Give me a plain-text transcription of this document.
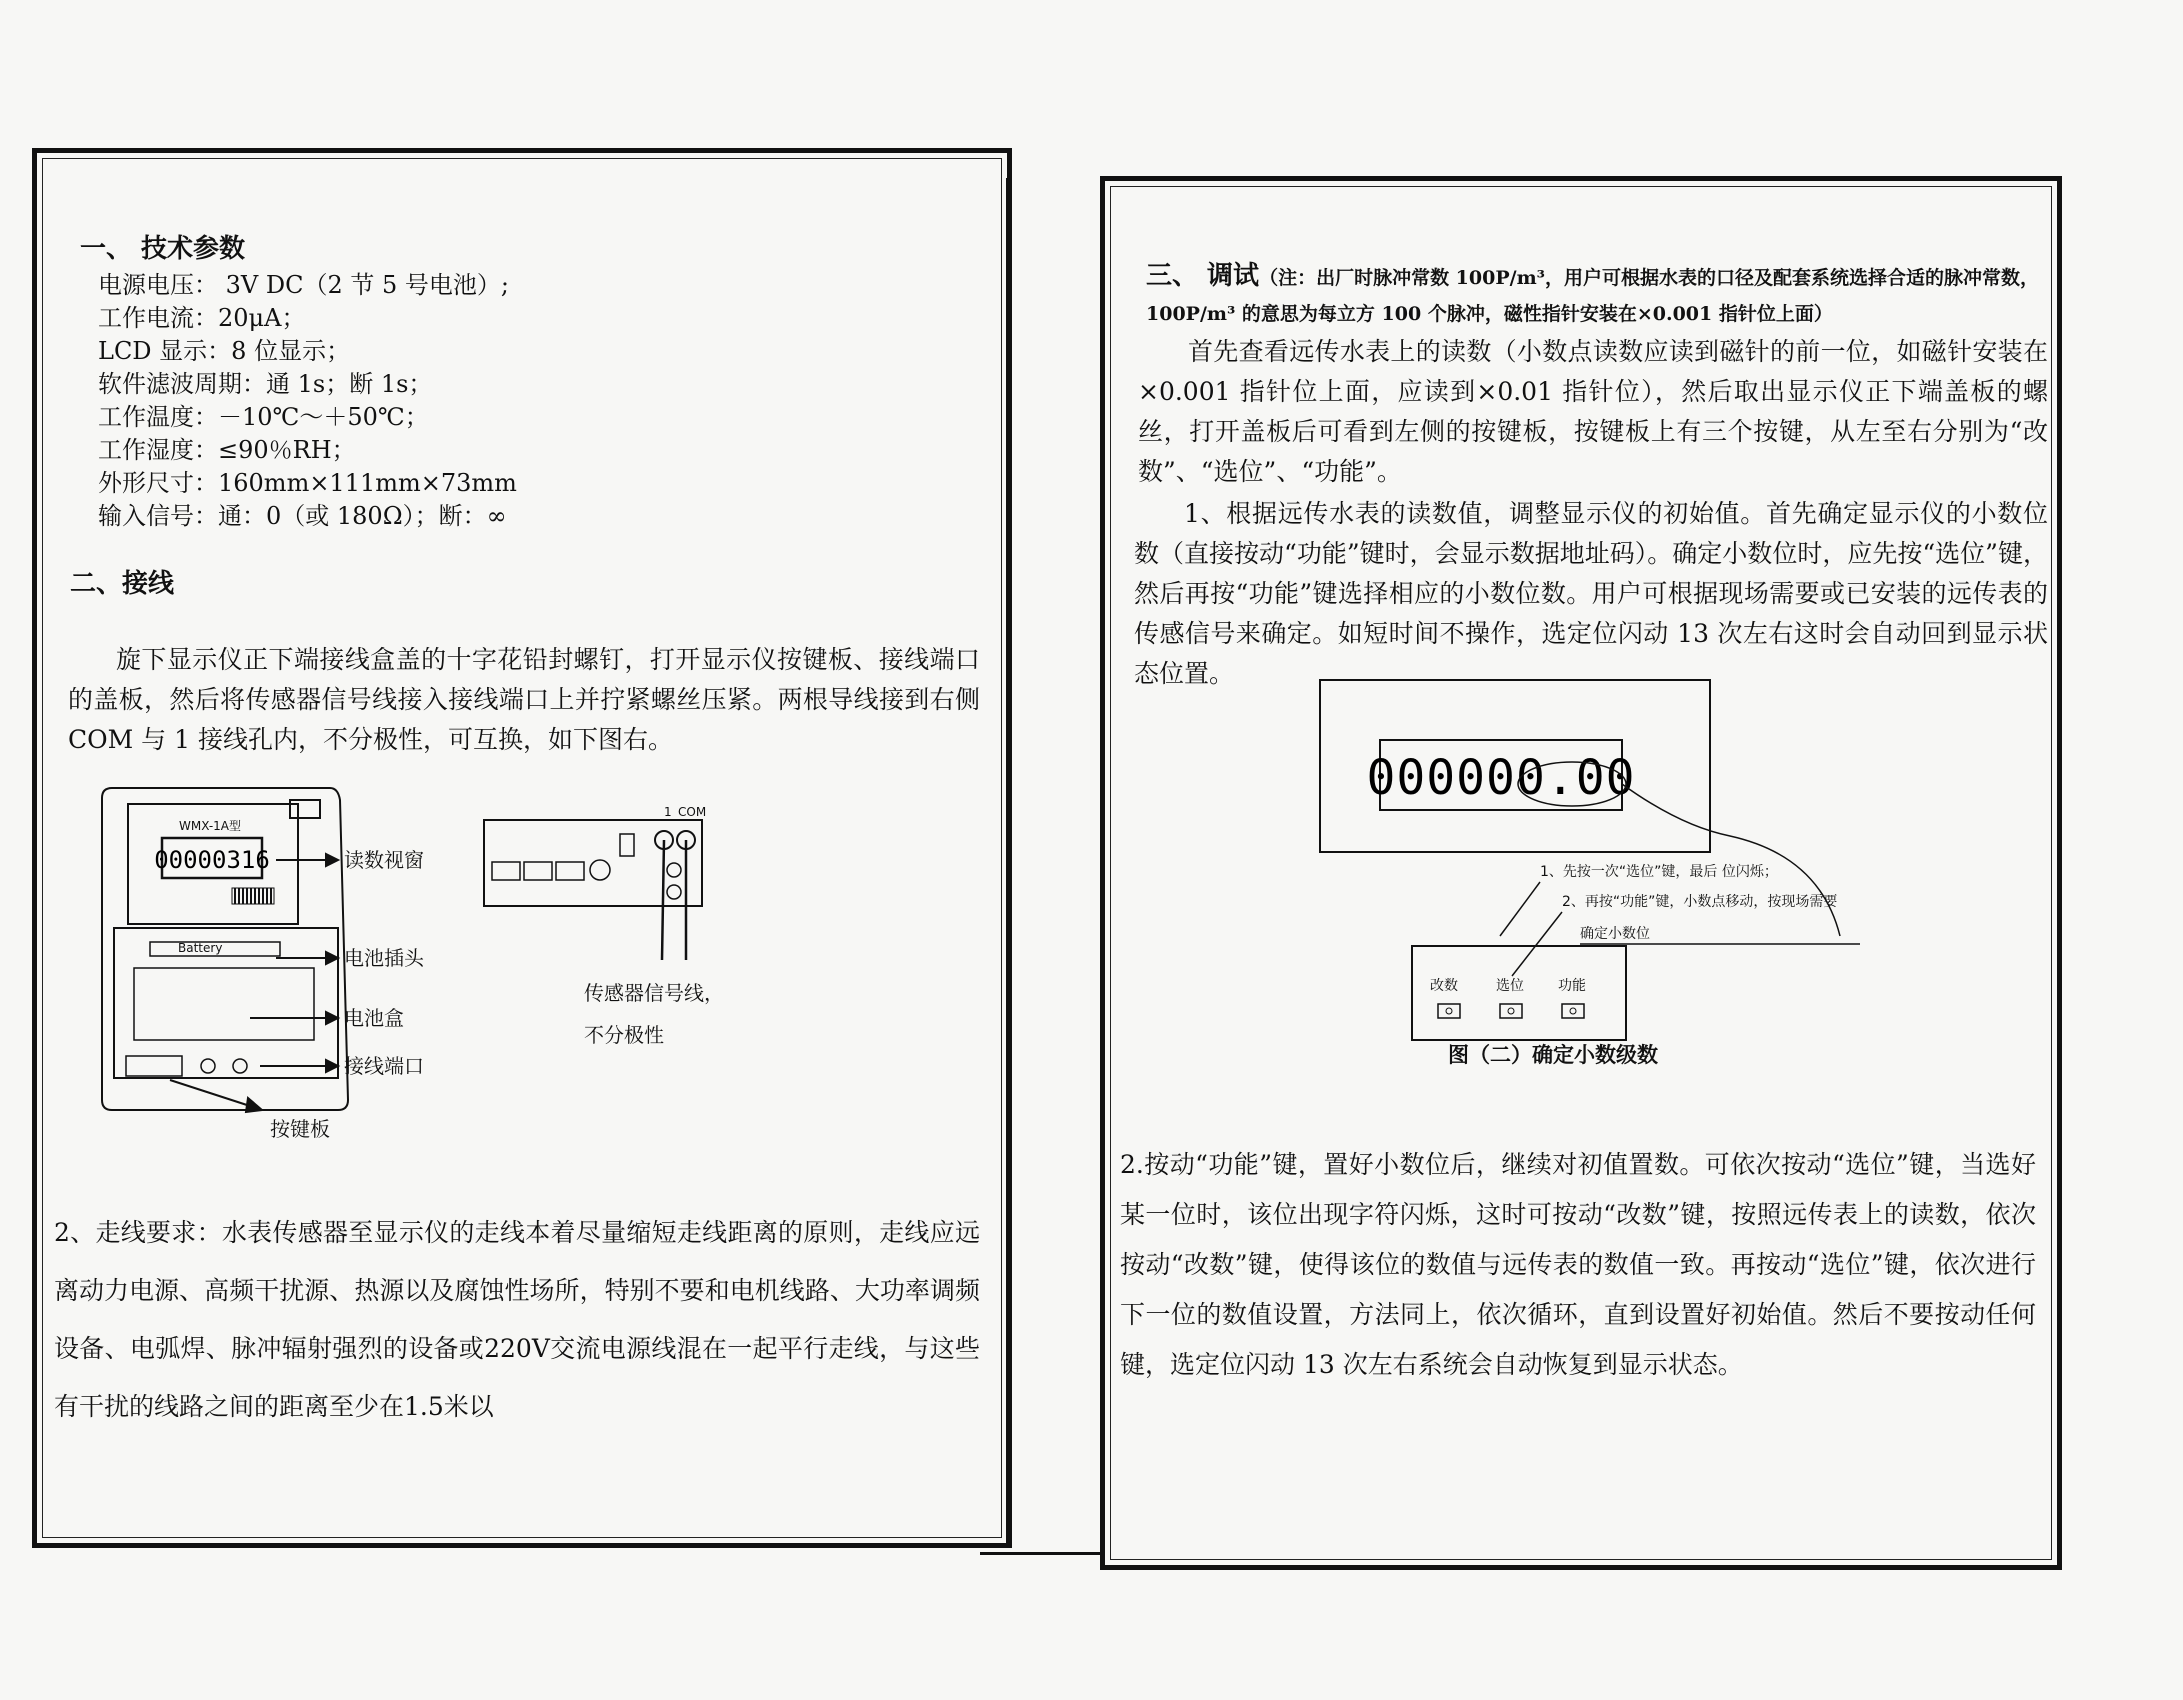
一、 技术参数
电源电压： 3V DC（2 节 5 号电池）;
工作电流：20μA；
LCD 显示：8 位显示；
软件滤波周期：通 1s；断 1s；
工作温度：－10℃～＋50℃；
工作湿度：≤90％RH；
外形尺寸：160mm×111mm×73mm
输入信号：通：0（或 180Ω）；断：∞
二、接线
旋下显示仪正下端接线盒盖的十字花铅封螺钉，打开显示仪按键板、接线端口的盖板，然后将传感器信号线接入接线端口上并拧紧螺丝压紧。两根导线接到右侧 COM 与 1 接线孔内，不分极性，可互换，如下图右。
WMX-1A型
00000316
Battery
读数视窗
电池插头
电池盒
接线端口
按键板
1 COM
传感器信号线，
不分极性
2、走线要求：水表传感器至显示仪的走线本着尽量缩短走线距离的原则，走线应远离动力电源、高频干扰源、热源以及腐蚀性场所，特别不要和电机线路、大功率调频设备、电弧焊、脉冲辐射强烈的设备或220V交流电源线混在一起平行走线，与这些有干扰的线路之间的距离至少在1.5米以
三、 调试（注：出厂时脉冲常数 100P/m³，用户可根据水表的口径及配套系统选择合适的脉冲常数，100P/m³ 的意思为每立方 100 个脉冲，磁性指针安装在×0.001 指针位上面）
首先查看远传水表上的读数（小数点读数应读到磁针的前一位，如磁针安装在×0.001 指针位上面，应读到×0.01 指针位），然后取出显示仪正下端盖板的螺丝，打开盖板后可看到左侧的按键板，按键板上有三个按键，从左至右分别为“改数”、“选位”、“功能”。
1、根据远传水表的读数值，调整显示仪的初始值。首先确定显示仪的小数位数（直接按动“功能”键时，会显示数据地址码）。确定小数位时，应先按“选位”键，然后再按“功能”键选择相应的小数位数。用户可根据现场需要或已安装的远传表的传感信号来确定。如短时间不操作，选定位闪动 13 次左右这时会自动回到显示状态位置。
000000.00
1、先按一次“选位”键，最后 位闪烁；
2、再按“功能”键，小数点移动，按现场需要
确定小数位
改数	选位 功能
图（二）确定小数级数
2.按动“功能”键，置好小数位后，继续对初值置数。可依次按动“选位”键，当选好某一位时，该位出现字符闪烁，这时可按动“改数”键，按照远传表上的读数，依次按动“改数”键，使得该位的数值与远传表的数值一致。再按动“选位”键，依次进行下一位的数值设置，方法同上，依次循环，直到设置好初始值。然后不要按动任何键，选定位闪动 13 次左右系统会自动恢复到显示状态。
